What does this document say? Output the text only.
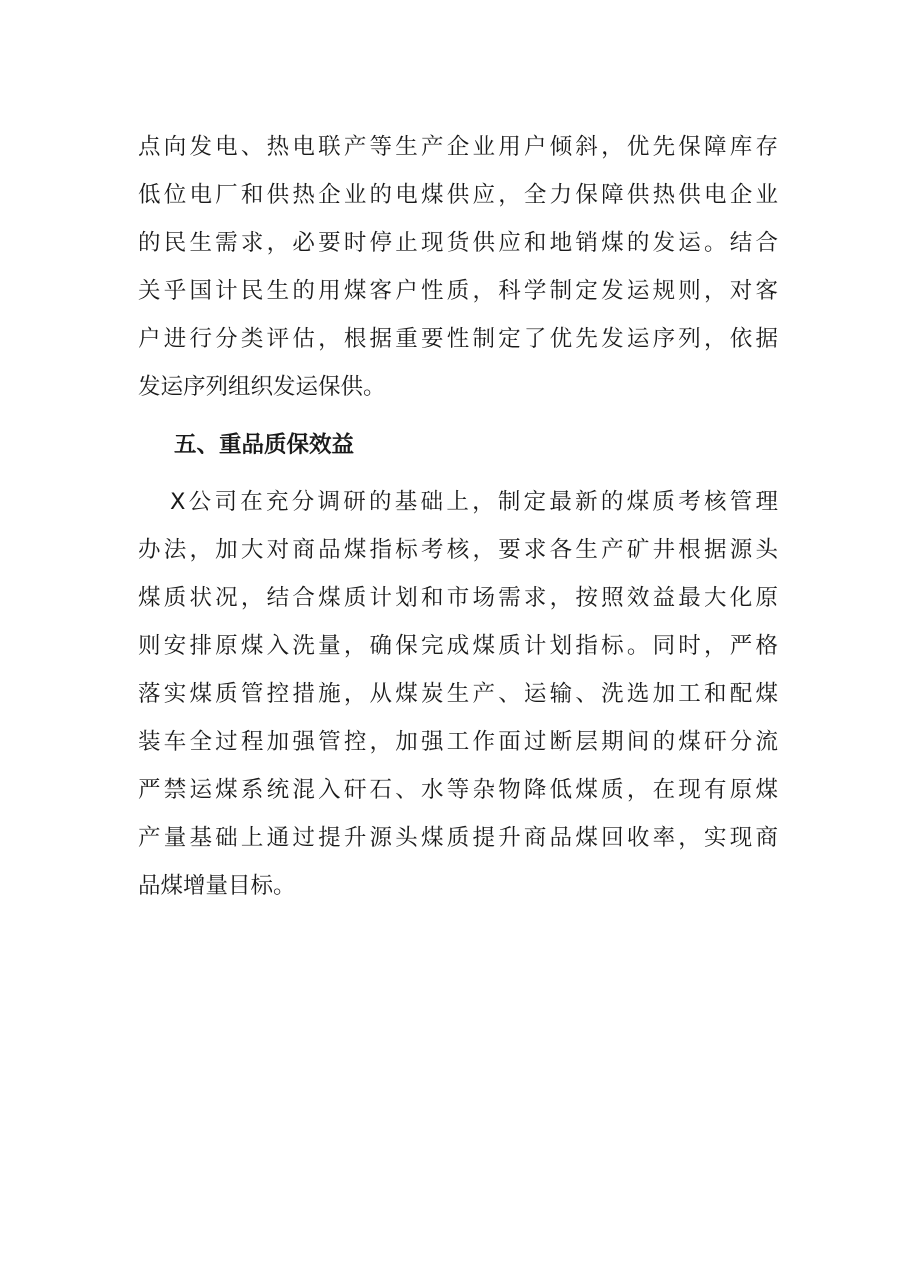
点向发电、热电联产等生产企业用户倾斜，优先保障库存
低位电厂和供热企业的电煤供应，全力保障供热供电企业
的民生需求，必要时停止现货供应和地销煤的发运。结合
关乎国计民生的用煤客户性质，科学制定发运规则，对客
户进行分类评估，根据重要性制定了优先发运序列，依据
发运序列组织发运保供。
五、重品质保效益
X公司在充分调研的基础上，制定最新的煤质考核管理
办法，加大对商品煤指标考核，要求各生产矿井根据源头
煤质状况，结合煤质计划和市场需求，按照效益最大化原
则安排原煤入洗量，确保完成煤质计划指标。同时，严格
落实煤质管控措施，从煤炭生产、运输、洗选加工和配煤
装车全过程加强管控，加强工作面过断层期间的煤矸分流
严禁运煤系统混入矸石、水等杂物降低煤质，在现有原煤
产量基础上通过提升源头煤质提升商品煤回收率，实现商
品煤增量目标。
